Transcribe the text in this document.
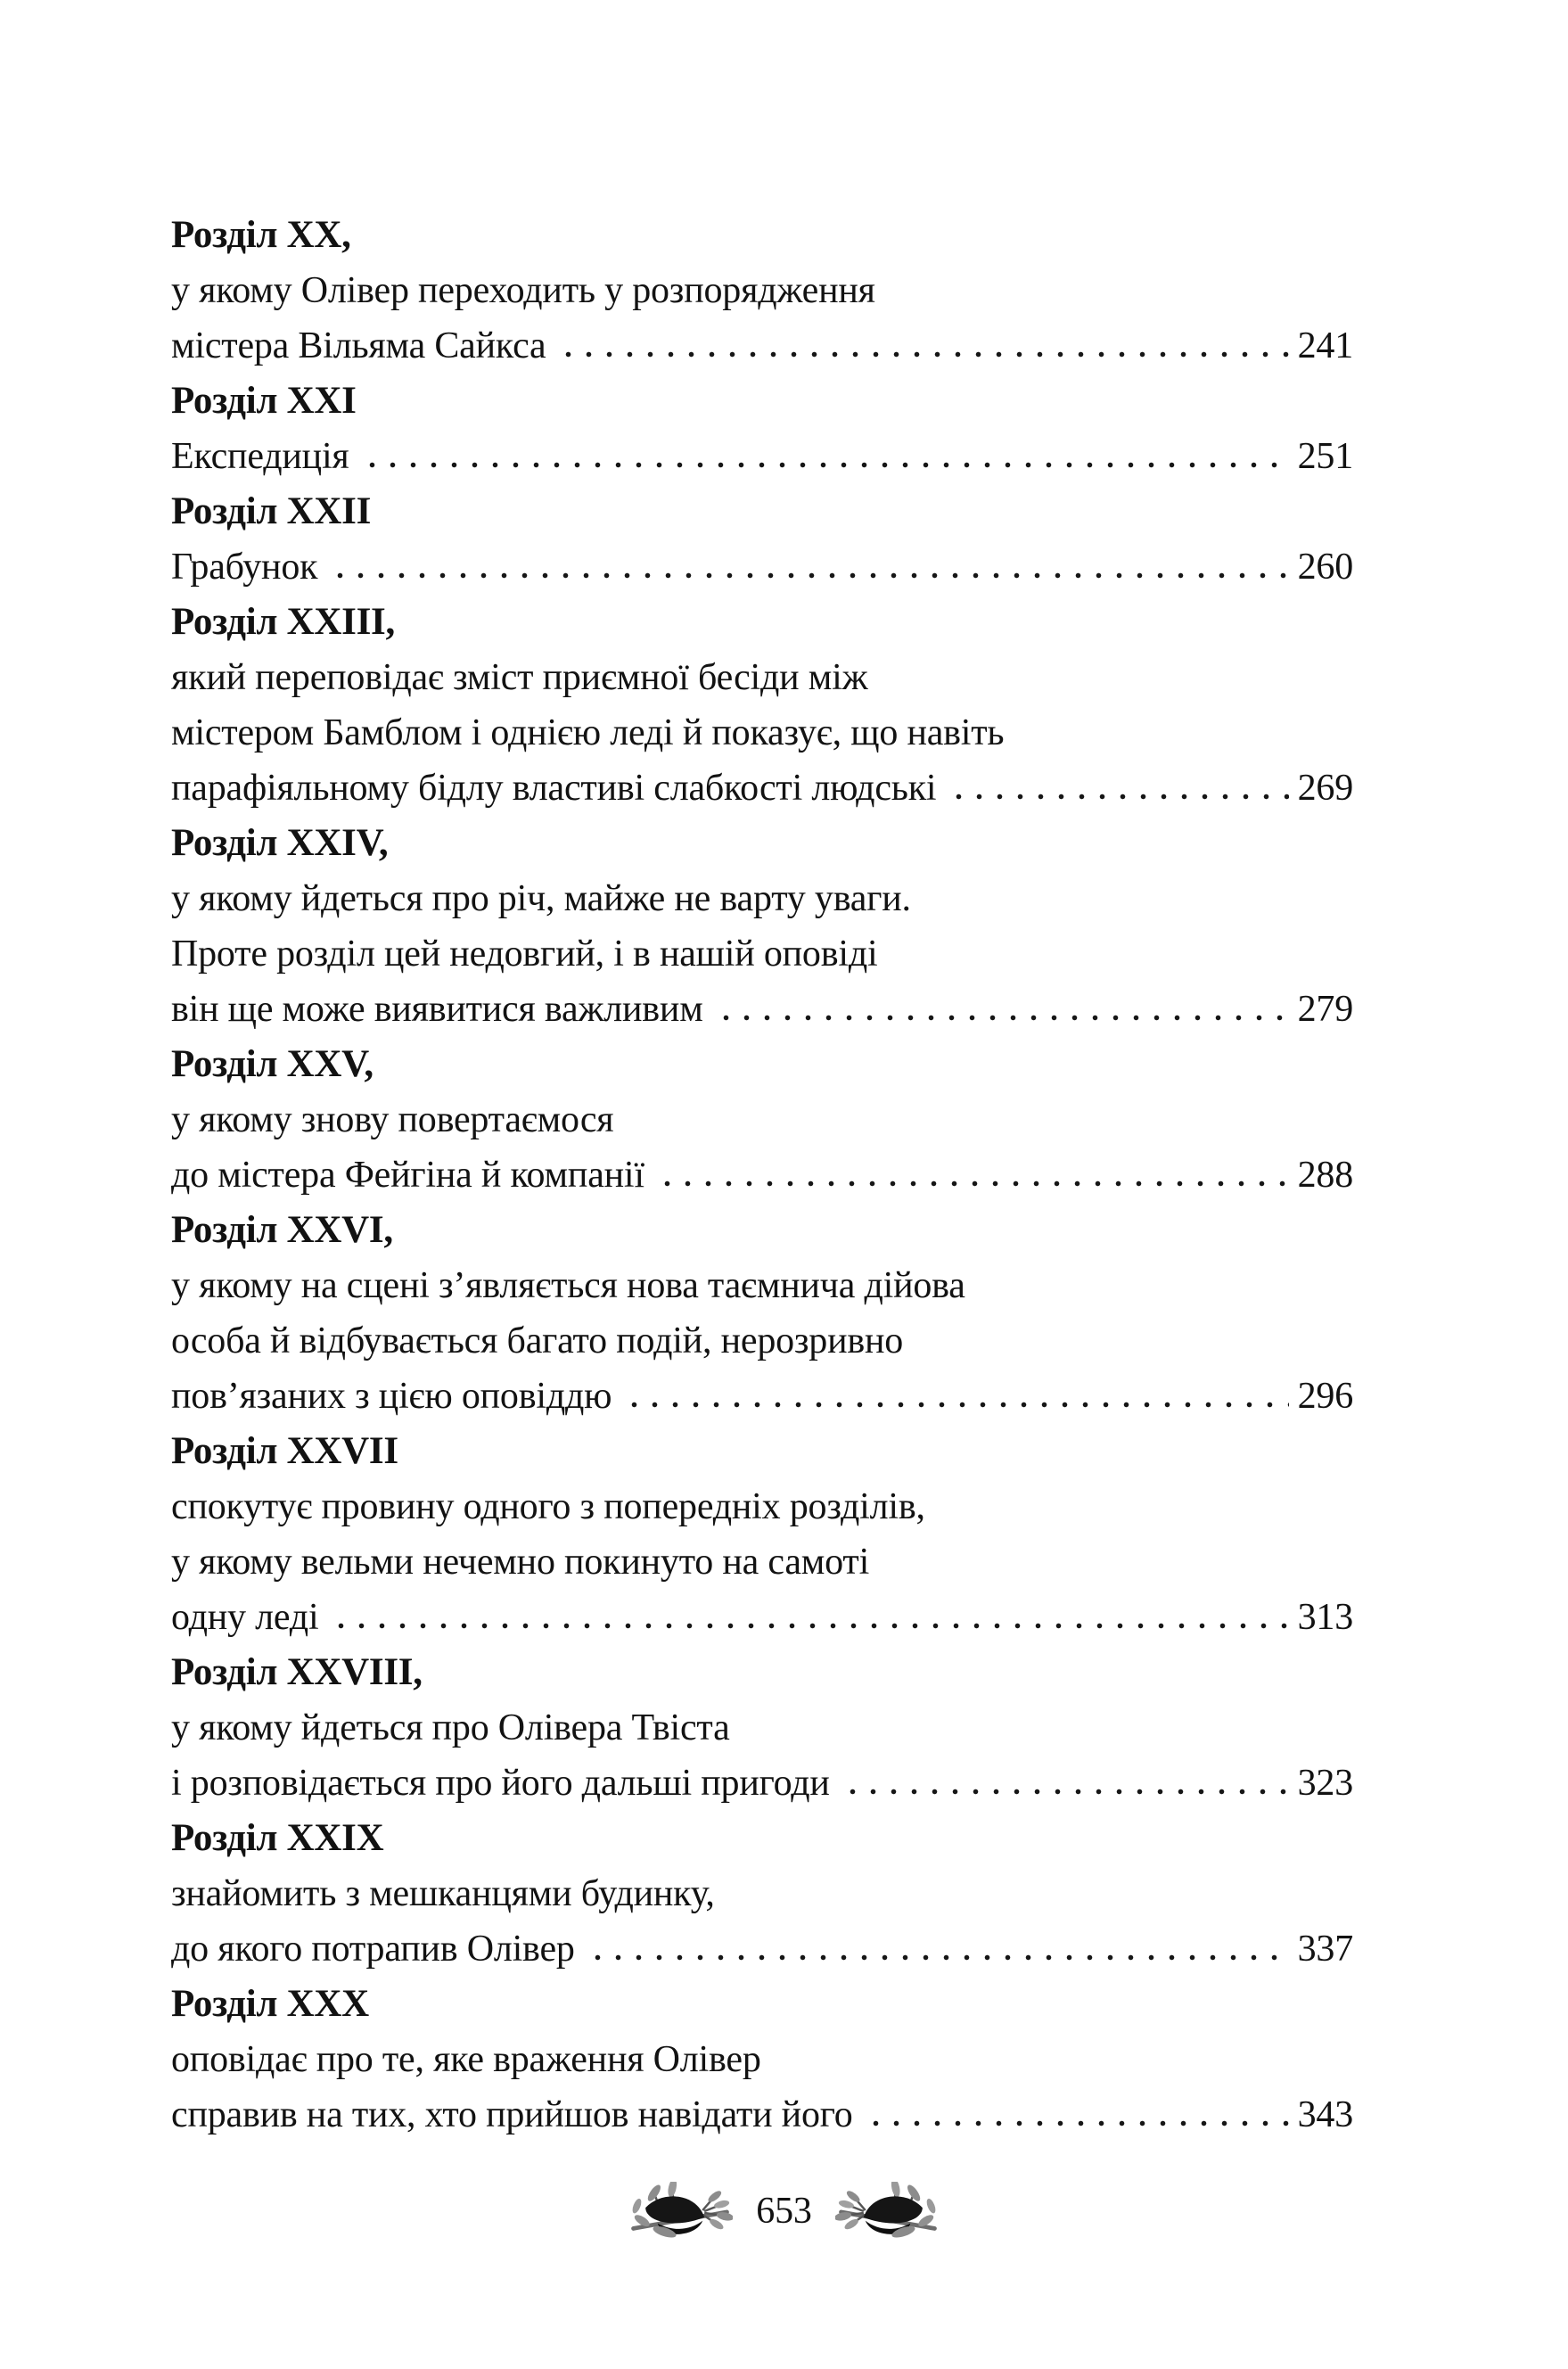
Розділ XX,
у якому Олівер переходить у розпорядження
містера Вільяма Сайкса	241
Розділ XXI
Експедиція	251
Розділ XXII
Грабунок	260
Розділ XXIII,
який переповідає зміст приємної бесіди між
містером Бамблом і однією леді й показує, що навіть
парафіяльному бідлу властиві слабкості людські	269
Розділ XXIV,
у якому йдеться про річ, майже не варту уваги.
Проте розділ цей недовгий, і в нашій оповіді
він ще може виявитися важливим	279
Розділ XXV,
у якому знову повертаємося
до містера Фейгіна й компанії	288
Розділ XXVI,
у якому на сцені з’являється нова таємнича дійова
особа й відбувається багато подій, нерозривно
пов’язаних з цією оповіддю	296
Розділ XXVII
спокутує провину одного з попередніх розділів,
у якому вельми нечемно покинуто на самоті
одну леді	313
Розділ XXVIII,
у якому йдеться про Олівера Твіста
і розповідається про його дальші пригоди	323
Розділ XXIX
знайомить з мешканцями будинку,
до якого потрапив Олівер	337
Розділ XXX
оповідає про те, яке враження Олівер
справив на тих, хто прийшов навідати його	343
653
